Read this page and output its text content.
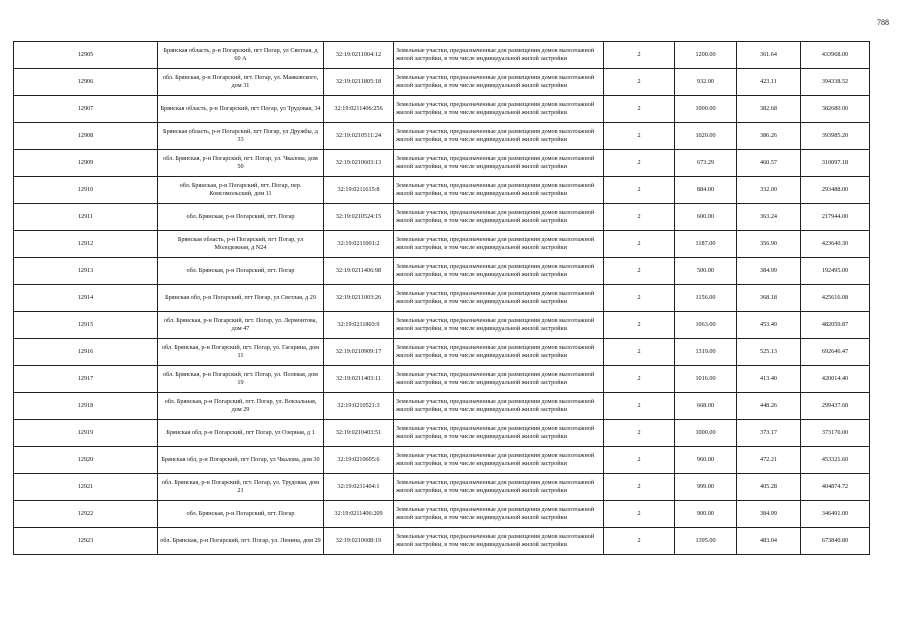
788
12905	Брянская область, р-н Погарский, пгт Погар, ул Светлая, д 60 А	32:19:0211004:12	Земельные участки, предназначенные для размещения домов малоэтажной жилой застройки, в том числе индивидуальной жилой застройки	2	1200.00	361.64	433968.00
12906	обл. Брянская, р-н Погарский, пгт. Погар, ул. Маяковского, дом 31	32:19:0211805:18	Земельные участки, предназначенные для размещения домов малоэтажной жилой застройки, в том числе индивидуальной жилой застройки	2	932.00	423.11	394338.52
12907	Брянская область, р-н Погарский, пгт Погар, ул Трудовая, 34	32:19:0211406:256	Земельные участки, предназначенные для размещения домов малоэтажной жилой застройки, в том числе индивидуальной жилой застройки	2	1000.00	382.68	382680.00
12908	Брянская область, р-н Погарский, пгт Погар, ул Дружбы, д 33	32:19:0210511:24	Земельные участки, предназначенные для размещения домов малоэтажной жилой застройки, в том числе индивидуальной жилой застройки	2	1020.00	386.26	393985.20
12909	обл. Брянская, р-н Погарский, пгт. Погар, ул. Чкалова, дом 50	32:19:0210603:13	Земельные участки, предназначенные для размещения домов малоэтажной жилой застройки, в том числе индивидуальной жилой застройки	2	673.29	460.57	310097.18
12910	обл. Брянская, р-н Погарский, пгт. Погар, пер. Комсомольский, дом 11	32:19:0211615:8	Земельные участки, предназначенные для размещения домов малоэтажной жилой застройки, в том числе индивидуальной жилой застройки	2	884.00	332.00	293488.00
12911	обл. Брянская, р-н Погарский, пгт. Погар	32:19:0210524:15	Земельные участки, предназначенные для размещения домов малоэтажной жилой застройки, в том числе индивидуальной жилой застройки	2	600.00	363.24	217944.00
12912	Брянская область, р-н Погарский, пгт Погар, ул Молодежная, д N24	32:19:0211001:2	Земельные участки, предназначенные для размещения домов малоэтажной жилой застройки, в том числе индивидуальной жилой застройки	2	1187.00	356.90	423640.30
12913	обл. Брянская, р-н Погарский, пгт. Погар	32:19:0211406:98	Земельные участки, предназначенные для размещения домов малоэтажной жилой застройки, в том числе индивидуальной жилой застройки	2	500.00	384.99	192495.00
12914	Брянская обл, р-н Погарский, пгт Погар, ул Светлая, д 29	32:19:0211003:26	Земельные участки, предназначенные для размещения домов малоэтажной жилой застройки, в том числе индивидуальной жилой застройки	2	1156.00	368.18	425616.08
12915	обл. Брянская, р-н Погарский, пгт. Погар, ул. Лермонтова, дом 47	32:19:0211803:9	Земельные участки, предназначенные для размещения домов малоэтажной жилой застройки, в том числе индивидуальной жилой застройки	2	1063.00	453.49	482059.87
12916	обл. Брянская, р-н Погарский, пгт. Погар, ул. Гагарина, дом 11	32:19:0210909:17	Земельные участки, предназначенные для размещения домов малоэтажной жилой застройки, в том числе индивидуальной жилой застройки	2	1319.00	525.13	692646.47
12917	обл. Брянская, р-н Погарский, пгт. Погар, ул. Полевая, дом 19	32:19:0211403:11	Земельные участки, предназначенные для размещения домов малоэтажной жилой застройки, в том числе индивидуальной жилой застройки	2	1016.00	413.40	420014.40
12918	обл. Брянская, р-н Погарский, пгт. Погар, ул. Вокзальная, дом 29	32:19:0210521:3	Земельные участки, предназначенные для размещения домов малоэтажной жилой застройки, в том числе индивидуальной жилой застройки	2	668.00	448.26	299437.68
12919	Брянская обл, р-н Погарский, пгт Погар, ул Озерная, д 1	32:19:0210403:51	Земельные участки, предназначенные для размещения домов малоэтажной жилой застройки, в том числе индивидуальной жилой застройки	2	1000.00	373.17	373170.00
12920	Брянская обл, р-н Погарский, пгт Погар, ул Чкалова, дом 30	32:19:0210605:6	Земельные участки, предназначенные для размещения домов малоэтажной жилой застройки, в том числе индивидуальной жилой застройки	2	960.00	472.21	453321.60
12921	обл. Брянская, р-н Погарский, пгт. Погар, ул. Трудовая, дом 21	32:19:0211404:1	Земельные участки, предназначенные для размещения домов малоэтажной жилой застройки, в том числе индивидуальной жилой застройки	2	999.00	405.28	404874.72
12922	обл. Брянская, р-н Погарский, пгт. Погар	32:19:0211406:209	Земельные участки, предназначенные для размещения домов малоэтажной жилой застройки, в том числе индивидуальной жилой застройки	2	900.00	384.99	346491.00
12923	обл. Брянская, р-н Погарский, пгт. Погар, ул. Ленина, дом 29	32:19:0210608:19	Земельные участки, предназначенные для размещения домов малоэтажной жилой застройки, в том числе индивидуальной жилой застройки	2	1395.00	483.04	673840.80
